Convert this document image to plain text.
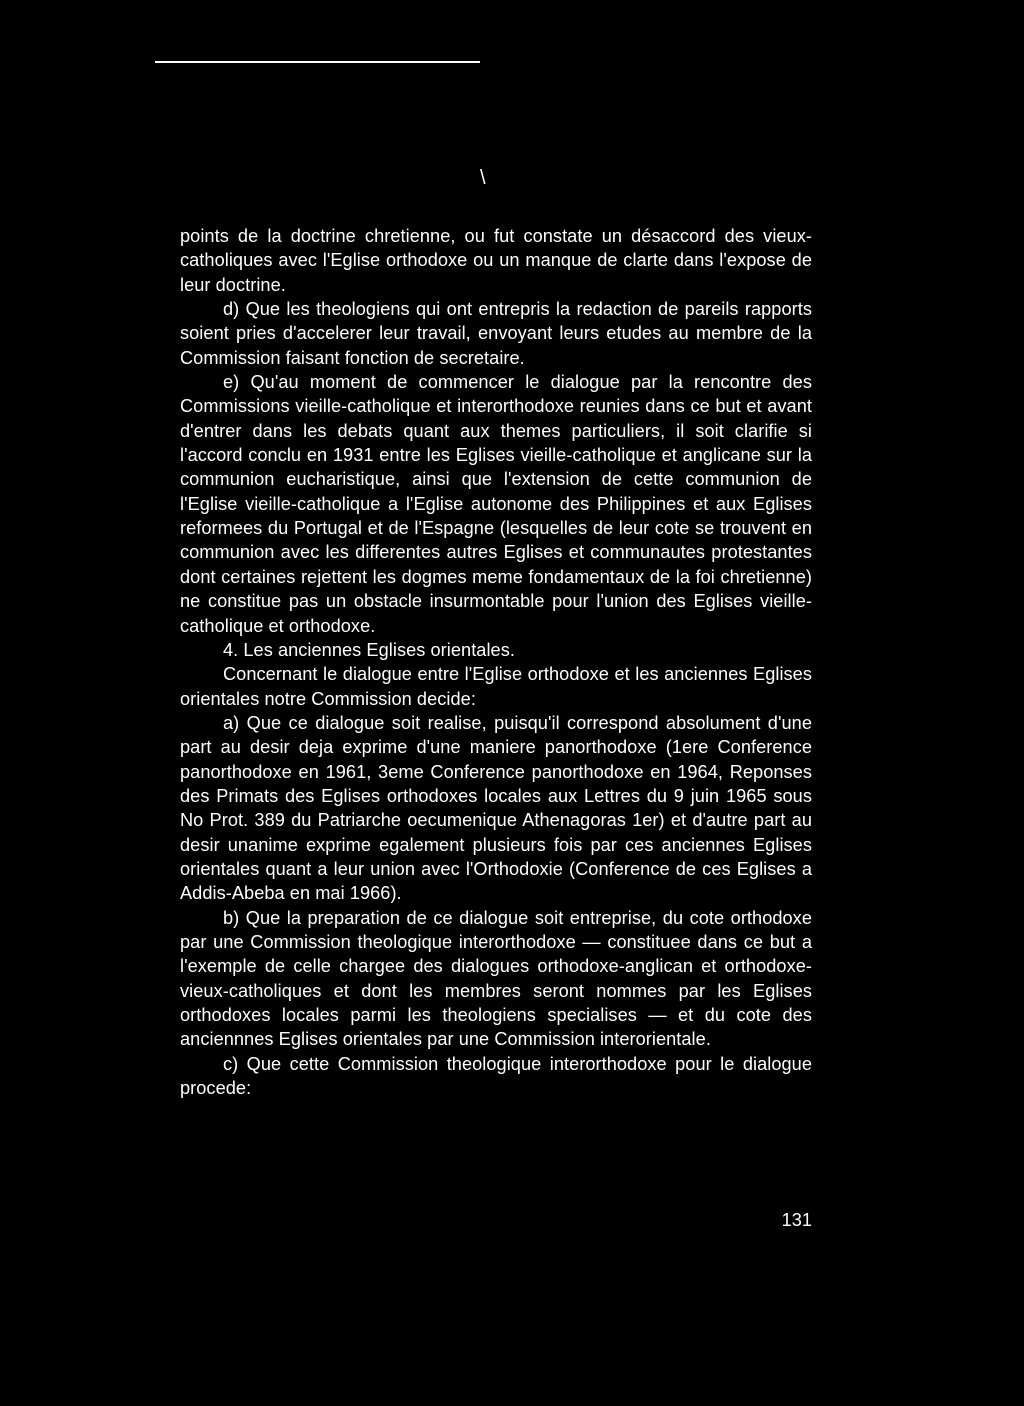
\

points de la doctrine chretienne, ou fut constate un désaccord des vieux-catholiques avec l'Eglise orthodoxe ou un manque de clarte dans l'expose de leur doctrine.

d) Que les theologiens qui ont entrepris la redaction de pareils rapports soient pries d'accelerer leur travail, envoyant leurs etudes au membre de la Commission faisant fonction de secretaire.

e) Qu'au moment de commencer le dialogue par la rencontre des Commissions vieille-catholique et interorthodoxe reunies dans ce but et avant d'entrer dans les debats quant aux themes particuliers, il soit clarifie si l'accord conclu en 1931 entre les Eglises vieille-catholique et anglicane sur la communion eucharistique, ainsi que l'extension de cette communion de l'Eglise vieille-catholique a l'Eglise autonome des Philippines et aux Eglises reformees du Portugal et de l'Espagne (lesquelles de leur cote se trouvent en communion avec les differentes autres Eglises et communautes protestantes dont certaines rejettent les dogmes meme fondamentaux de la foi chretienne) ne constitue pas un obstacle insurmontable pour l'union des Eglises vieille-catholique et orthodoxe.

4. Les anciennes Eglises orientales.

Concernant le dialogue entre l'Eglise orthodoxe et les anciennes Eglises orientales notre Commission decide:

a) Que ce dialogue soit realise, puisqu'il correspond absolument d'une part au desir deja exprime d'une maniere panorthodoxe (1ere Conference panorthodoxe en 1961, 3eme Conference panorthodoxe en 1964, Reponses des Primats des Eglises orthodoxes locales aux Lettres du 9 juin 1965 sous No Prot. 389 du Patriarche oecumenique Athenagoras 1er) et d'autre part au desir unanime exprime egalement plusieurs fois par ces anciennes Eglises orientales quant a leur union avec l'Orthodoxie (Conference de ces Eglises a Addis-Abeba en mai 1966).

b) Que la preparation de ce dialogue soit entreprise, du cote orthodoxe par une Commission theologique interorthodoxe — constituee dans ce but a l'exemple de celle chargee des dialogues orthodoxe-anglican et orthodoxe-vieux-catholiques et dont les membres seront nommes par les Eglises orthodoxes locales parmi les theologiens specialises — et du cote des anciennnes Eglises orientales par une Commission interorientale.

c) Que cette Commission theologique interorthodoxe pour le dialogue procede:

131
